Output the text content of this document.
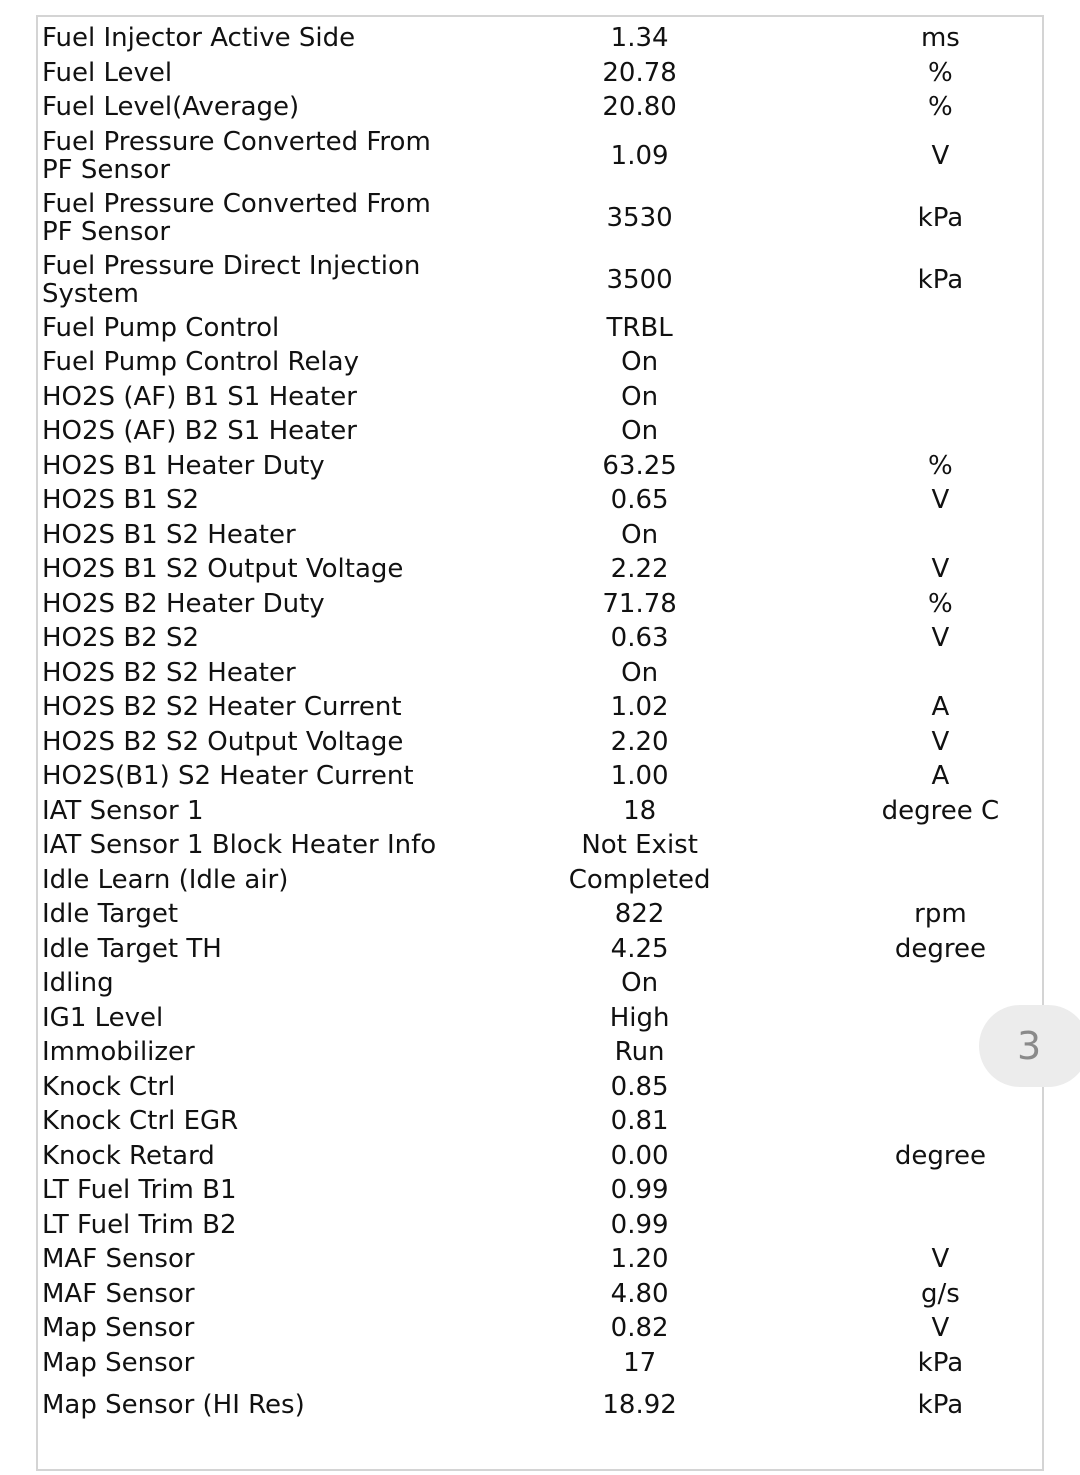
Fuel Injector Active Side	1.34	ms
Fuel Level	20.78	%
Fuel Level(Average)	20.80	%
Fuel Pressure Converted From PF Sensor	1.09	V
Fuel Pressure Converted From PF Sensor	3530	kPa
Fuel Pressure Direct Injection System	3500	kPa
Fuel Pump Control	TRBL
Fuel Pump Control Relay	On
HO2S (AF) B1 S1 Heater	On
HO2S (AF) B2 S1 Heater	On
HO2S B1 Heater Duty	63.25	%
HO2S B1 S2	0.65	V
HO2S B1 S2 Heater	On
HO2S B1 S2 Output Voltage	2.22	V
HO2S B2 Heater Duty	71.78	%
HO2S B2 S2	0.63	V
HO2S B2 S2 Heater	On
HO2S B2 S2 Heater Current	1.02	A
HO2S B2 S2 Output Voltage	2.20	V
HO2S(B1) S2 Heater Current	1.00	A
IAT Sensor 1	18	degree C
IAT Sensor 1 Block Heater Info	Not Exist
Idle Learn (Idle air)	Completed
Idle Target	822	rpm
Idle Target TH	4.25	degree
Idling	On
IG1 Level	High
Immobilizer	Run
Knock Ctrl	0.85
Knock Ctrl EGR	0.81
Knock Retard	0.00	degree
LT Fuel Trim B1	0.99
LT Fuel Trim B2	0.99
MAF Sensor	1.20	V
MAF Sensor	4.80	g/s
Map Sensor	0.82	V
Map Sensor	17	kPa
Map Sensor (HI Res)	18.92	kPa
3
